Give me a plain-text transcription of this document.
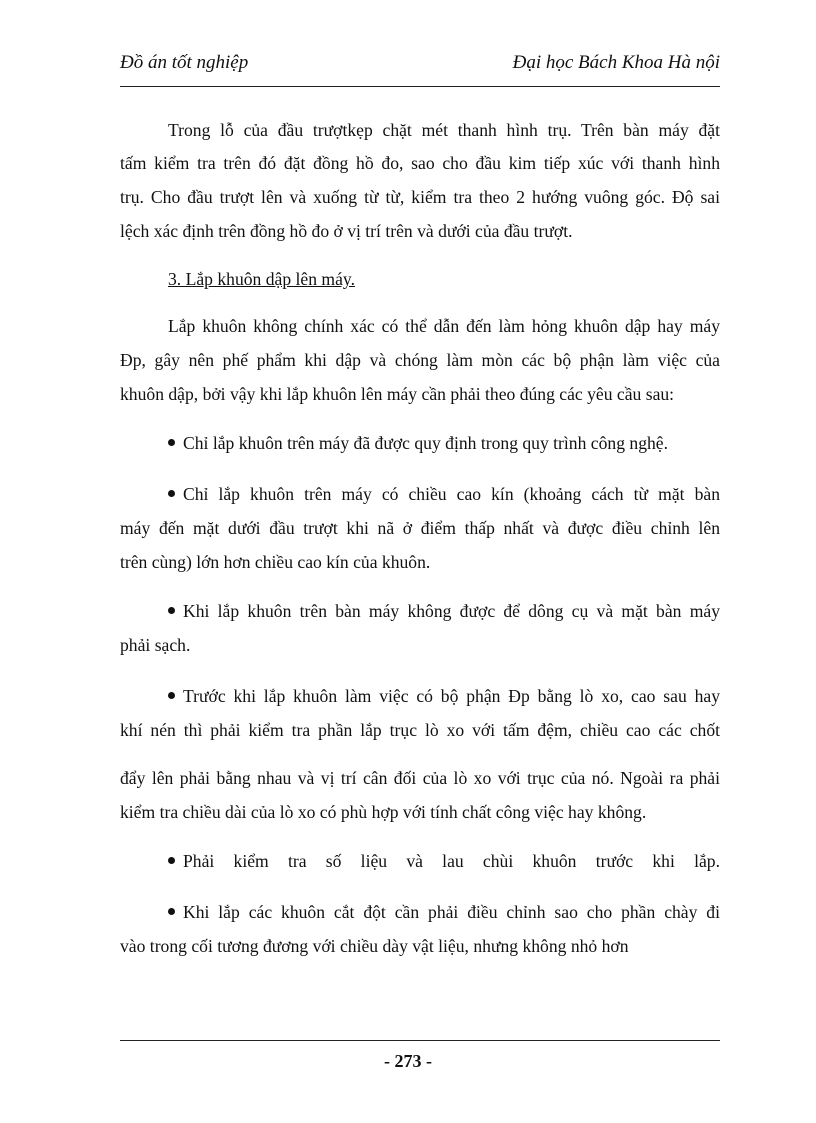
Đồ án tốt nghiệp	Đại học Bách Khoa Hà nội
Trong lỗ của đầu trượtkẹp chặt mét thanh hình trụ. Trên bàn máy đặt
tấm kiểm tra trên đó đặt đồng hồ đo, sao cho đầu kim tiếp xúc với thanh hình
trụ. Cho đầu trượt lên và xuống từ từ, kiểm tra theo 2 hướng vuông góc. Độ sai
lệch xác định trên đồng hồ đo ở vị trí trên và dưới của đầu trượt.
3. Lắp khuôn dập lên máy.
Lắp khuôn không chính xác có thể dẫn đến làm hỏng khuôn dập hay máy
Đp, gây nên phế phẩm khi dập và chóng làm mòn các bộ phận làm việc của
khuôn dập, bởi vậy khi lắp khuôn lên máy cần phải theo đúng các yêu cầu sau:
Chỉ lắp khuôn trên máy đã được quy định trong quy trình công nghệ.
Chỉ lắp khuôn trên máy có chiều cao kín (khoảng cách từ mặt bàn
máy đến mặt dưới đầu trượt khi nã ở điểm thấp nhất và được điều chỉnh lên
trên cùng) lớn hơn chiều cao kín của khuôn.
Khi lắp khuôn trên bàn máy không được để dông cụ và mặt bàn máy
phải sạch.
Trước khi lắp khuôn làm việc có bộ phận Đp bằng lò xo, cao sau hay
khí nén thì phải kiểm tra phần lắp trục lò xo với tấm đệm, chiều cao các chốt
đẩy lên phải bằng nhau và vị trí cân đối của lò xo với trục của nó. Ngoài ra phải
kiểm tra chiều dài của lò xo có phù hợp với tính chất công việc hay không.
Phải kiểm tra số liệu và lau chùi khuôn trước khi lắp.
Khi lắp các khuôn cắt đột cần phải điều chỉnh sao cho phần chày đi
vào trong cối tương đương với chiều dày vật liệu, nhưng không nhỏ hơn
- 273 -
